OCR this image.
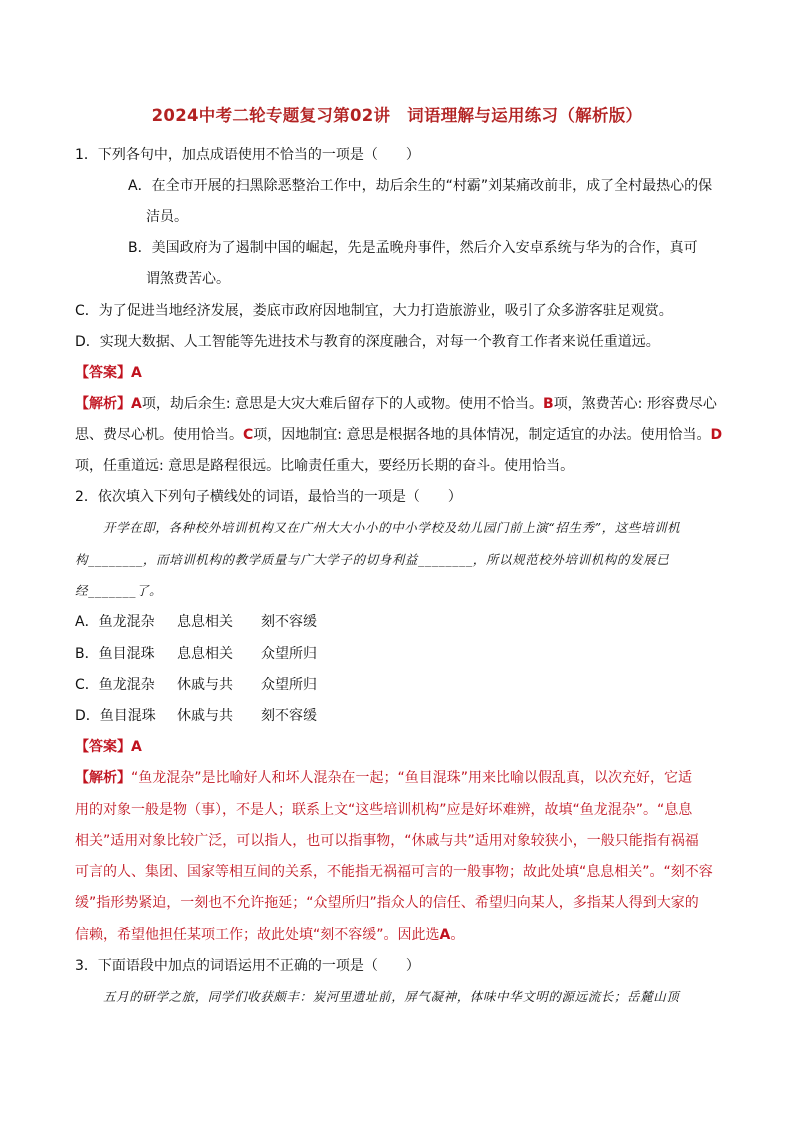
2024中考二轮专题复习第02讲　词语理解与运用练习（解析版）
1．下列各句中，加点成语使用不恰当的一项是（　　）
A．在全市开展的扫黑除恶整治工作中，劫后余生的“村霸”刘某痛改前非，成了全村最热心的保
洁员。
B．美国政府为了遏制中国的崛起，先是孟晚舟事件，然后介入安卓系统与华为的合作，真可
谓煞费苦心。
C．为了促进当地经济发展，娄底市政府因地制宜，大力打造旅游业，吸引了众多游客驻足观赏。
D．实现大数据、人工智能等先进技术与教育的深度融合，对每一个教育工作者来说任重道远。
【答案】A
【解析】A项，劫后余生: 意思是大灾大难后留存下的人或物。使用不恰当。B项，煞费苦心: 形容费尽心
思、费尽心机。使用恰当。C项，因地制宜: 意思是根据各地的具体情况，制定适宜的办法。使用恰当。D
项，任重道远: 意思是路程很远。比喻责任重大，要经历长期的奋斗。使用恰当。
2．依次填入下列句子横线处的词语，最恰当的一项是（　　）
开学在即，各种校外培训机构又在广州大大小小的中小学校及幼儿园门前上演“招生秀”，这些培训机
构________，而培训机构的教学质量与广大学子的切身利益________，所以规范校外培训机构的发展已
经_______了。
A．鱼龙混杂 息息相关 刻不容缓
B．鱼目混珠 息息相关 众望所归
C．鱼龙混杂 休戚与共 众望所归
D．鱼目混珠 休戚与共 刻不容缓
【答案】A
【解析】“鱼龙混杂”是比喻好人和坏人混杂在一起；“鱼目混珠”用来比喻以假乱真，以次充好，它适
用的对象一般是物（事），不是人；联系上文“这些培训机构”应是好坏难辨，故填“鱼龙混杂”。“息息
相关”适用对象比较广泛，可以指人，也可以指事物，“休戚与共”适用对象较狭小，一般只能指有祸福
可言的人、集团、国家等相互间的关系，不能指无祸福可言的一般事物；故此处填“息息相关”。“刻不容
缓”指形势紧迫，一刻也不允许拖延；“众望所归”指众人的信任、希望归向某人，多指某人得到大家的
信赖，希望他担任某项工作；故此处填“刻不容缓”。因此选A。
3．下面语段中加点的词语运用不正确的一项是（　　）
五月的研学之旅，同学们收获颇丰：炭河里遗址前，屏气凝神，体味中华文明的源远流长；岳麓山顶
